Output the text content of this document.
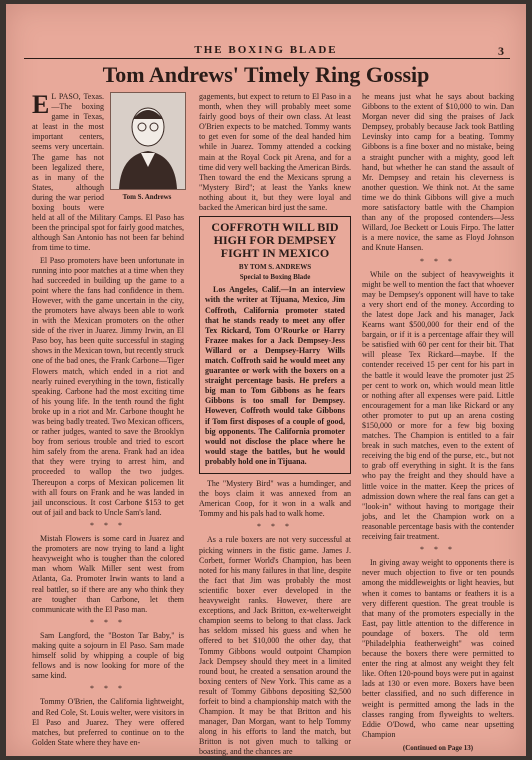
THE BOXING BLADE	3
Tom Andrews' Timely Ring Gossip
Tom S. Andrews

E L PASO, Texas.—The boxing game in Texas, at least in the most important centers, seems very uncertain. The game has not been legalized there, as in many of the States, although during the war period boxing bouts were held at all of the Military Camps. El Paso has been the principal spot for fairly good matches, although San Antonio has not been far behind from time to time.

El Paso promoters have been unfortunate in running into poor matches at a time when they had succeeded in building up the game to a point where the fans had confidence in them. However, with the game uncertain in the city, the promoters have always been able to work in with the Mexican promoters on the other side of the river in Juarez. Jimmy Irwin, an El Paso boy, has been quite successful in staging shows in the Mexican town, but recently struck one of the bad ones, the Frank Carbone—Tiger Flowers match, which ended in a riot and nearly ruined everything in the town, fistically speaking. Carbone had the most exciting time of his young life. In the tenth round the fight broke up in a riot and Mr. Carbone thought he was being badly treated. Two Mexican officers, or rather judges, wanted to save the Brooklyn boy from serious trouble and tried to escort him safely from the arena. Frank had an idea that they were trying to arrest him, and proceeded to wallop the two judges. Thereupon a corps of Mexican policemen lit with all fours on Frank and he was landed in jail unconscious. It cost Carbone $153 to get out of jail and back to Uncle Sam's land.

* * *

Mistah Flowers is some card in Juarez and the promoters are now trying to land a light heavyweight who is tougher than the colored man whom Walk Miller sent west from Atlanta, Ga. Promoter Irwin wants to land a real battler, so if there are any who think they are tougher than Carbone, let them communicate with the El Paso man.

* * *

Sam Langford, the "Boston Tar Baby," is making quite a sojourn in El Paso. Sam made himself solid by whipping a couple of big fellows and is now looking for more of the same kind.

* * *

Tommy O'Brien, the California lightweight, and Red Cole, St. Louis welter, were visitors in El Paso and Juarez. They were offered matches, but preferred to continue on to the Golden State where they have en-

gagements, but expect to return to El Paso in a month, when they will probably meet some fairly good boys of their own class. At least O'Brien expects to be matched. Tommy wants to get even for some of the deal handed him while in Juarez. Tommy attended a cocking main at the Royal Cock pit Arena, and for a time did very well backing the American Birds. Then toward the end the Mexicans sprung a "Mystery Bird"; at least the Yanks knew nothing about it, but they were loyal and backed the American bird just the same.

COFFROTH WILL BID HIGH FOR DEMPSEY FIGHT IN MEXICO
BY TOM S. ANDREWS
Special to Boxing Blade

Los Angeles, Calif.—In an interview with the writer at Tijuana, Mexico, Jim Coffroth, California promoter stated that he stands ready to meet any offer Tex Rickard, Tom O'Rourke or Harry Frazee makes for a Jack Dempsey-Jess Willard or a Dempsey-Harry Wills match. Coffroth said he would meet any guarantee or work with the boxers on a straight percentage basis. He prefers a big man to Tom Gibbons as he fears Gibbons is too small for Dempsey. However, Coffroth would take Gibbons if Tom first disposes of a couple of good, big opponents. The California promoter would not disclose the place where he would stage the battles, but he would probably hold one in Tijuana.

The "Mystery Bird" was a humdinger, and the boys claim it was annexed from an American Coop, for it won in a walk and Tommy and his pals had to walk home.

* * *

As a rule boxers are not very successful at picking winners in the fistic game. James J. Corbett, former World's Champion, has been noted for his many failures in that line, despite the fact that Jim was probably the most scientific boxer ever developed in the heavyweight ranks. However, there are exceptions, and Jack Britton, ex-welterweight champion seems to belong to that class. Jack has seldom missed his guess and when he offered to bet $10,000 the other day, that Tommy Gibbons would outpoint Champion Jack Dempsey should they meet in a limited round bout, he created a sensation around the boxing centers of New York. This came as a result of Tommy Gibbons depositing $2,500 forfeit to bind a championship match with the Champion. It may be that Britton and his manager, Dan Morgan, want to help Tommy along in his efforts to land the match, but Britton is not given much to talking or boasting, and the chances are

he means just what he says about backing Gibbons to the extent of $10,000 to win. Dan Morgan never did sing the praises of Jack Dempsey, probably because Jack took Battling Levinsky into camp for a beating. Tommy Gibbons is a fine boxer and no mistake, being a straight puncher with a mighty, good left hand, but whether he can stand the assault of Mr. Dempsey and retain his cleverness is another question. We think not. At the same time we do think Gibbons will give a much more satisfactory battle with the Champion than any of the proposed contenders—Jess Willard, Joe Beckett or Louis Firpo. The latter is a mere novice, the same as Floyd Johnson and Knute Hansen.

* * *

While on the subject of heavyweights it might be well to mention the fact that whoever may be Dempsey's opponent will have to take a very short end of the money. According to the latest dope Jack and his manager, Jack Kearns want $500,000 for their end of the bargain, or if it is a percentage affair they will be satisfied with 60 per cent for their bit. That will please Tex Rickard—maybe. If the contender received 15 per cent for his part in the battle it would leave the promoter just 25 per cent to work on, which would mean little or nothing after all expenses were paid. Little encouragement for a man like Rickard or any other promoter to put up an arena costing $150,000 or more for a few big boxing matches. The Champion is entitled to a fair break in such matches, even to the extent of receiving the big end of the purse, etc., but not to grab off everything in sight. It is the fans who pay the freight and they should have a little voice in the matter. Keep the prices of admission down where the real fans can get a "look-in" without having to mortgage their jobs, and let the Champion work on a reasonable percentage basis with the contender receiving fair treatment.

* * *

In giving away weight to opponents there is never much objection to five or ten pounds among the middleweights or light heavies, but when it comes to bantams or feathers it is a very different question. The great trouble is that many of the promoters especially in the East, pay little attention to the difference in poundage of boxers. The old term "Philadelphia featherweight" was coined because the boxers there were permitted to enter the ring at almost any weight they felt like. Often 120-pound boys were put in against lads at 130 or even more. Boxers have been better classified, and no such difference in weight is permitted among the lads in the classes ranging from flyweights to welters. Eddie O'Dowd, who came near upsetting Champion

(Continued on Page 13)
